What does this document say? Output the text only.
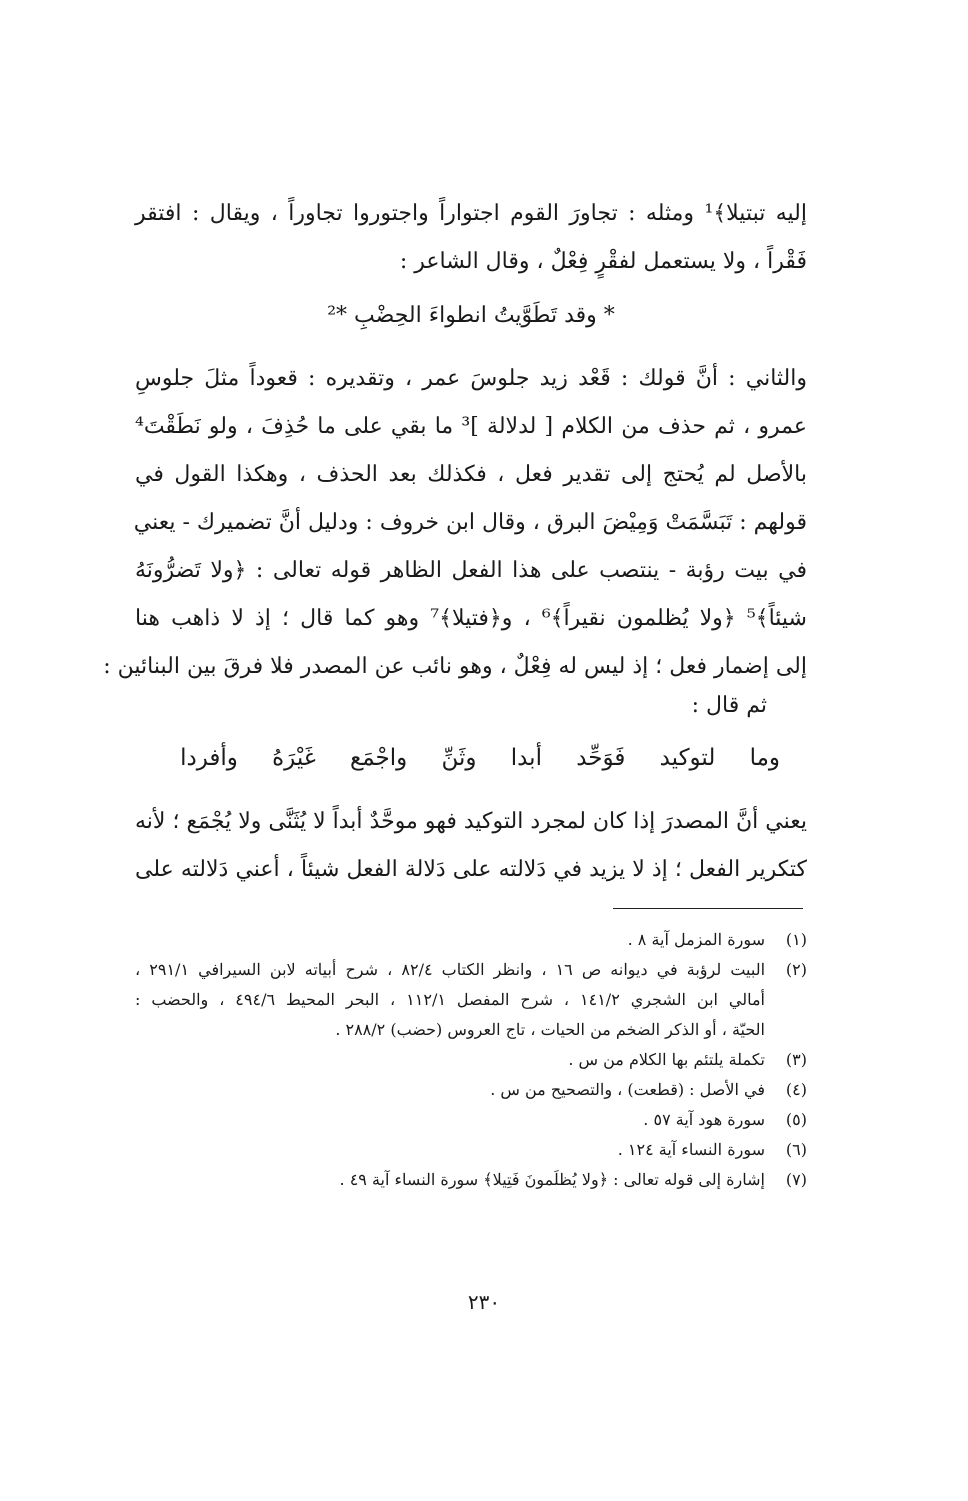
إليه تبتيلا﴾¹ ومثله : تجاورَ القوم اجتواراً واجتوروا تجاوراً ، ويقال : افتقر
فَقْراً ، ولا يستعمل لفقْرٍ فِعْلٌ ، وقال الشاعر :
* وقد تَطَوَّيتُ انطواءَ الحِضْبِ *²
والثاني : أنَّ قولك : قَعْد زيد جلوسَ عمر ، وتقديره : قعوداً مثلَ جلوسِ
عمرو ، ثم حذف من الكلام [ لدلالة ]³ ما بقي على ما حُذِفَ ، ولو نَطَقْتَ⁴
بالأصل لم يُحتج إلى تقدير فعل ، فكذلك بعد الحذف ، وهكذا القول في
قولهم : تَبَسَّمَتْ وَمِيْضَ البرق ، وقال ابن خروف : ودليل أنَّ تضميرك - يعني
في بيت رؤبة - ينتصب على هذا الفعل الظاهر قوله تعالى : ﴿ولا تَضرُّونَهُ
شيئاً﴾⁵ ﴿ولا يُظلمون نقيراً﴾⁶ ، و﴿فتيلا﴾⁷ وهو كما قال ؛ إذ لا ذاهب هنا
إلى إضمار فعل ؛ إذ ليس له فِعْلٌ ، وهو نائب عن المصدر فلا فرقَ بين البنائين :
ثم قال :
وما
لتوكيد
فَوَحِّد
أبدا
وثَنِّ
واجْمَع
غَيْرَهُ
وأفردا
يعني أنَّ المصدرَ إذا كان لمجرد التوكيد فهو موحَّدٌ أبداً لا يُثَنَّى ولا يُجْمَع ؛ لأنه
كتكرير الفعل ؛ إذ لا يزيد في دَلالته على دَلالة الفعل شيئاً ، أعني دَلالته على
(١)
سورة المزمل آية ٨ .
(٢)
البيت لرؤبة في ديوانه ص ١٦ ، وانظر الكتاب ٨٢/٤ ، شرح أبياته لابن السيرافي ٢٩١/١ ،
أمالي ابن الشجري ١٤١/٢ ، شرح المفصل ١١٢/١ ، البحر المحيط ٤٩٤/٦ ، والحضب :
الحيّة ، أو الذكر الضخم من الحيات ، تاج العروس (حضب) ٢٨٨/٢ .
(٣)
تكملة يلتئم بها الكلام من س .
(٤)
في الأصل : (قطعت) ، والتصحيح من س .
(٥)
سورة هود آية ٥٧ .
(٦)
سورة النساء آية ١٢٤ .
(٧)
إشارة إلى قوله تعالى : ﴿ولا يُظلَمونَ فَتِيلا﴾ سورة النساء آية ٤٩ .
٢٣٠
